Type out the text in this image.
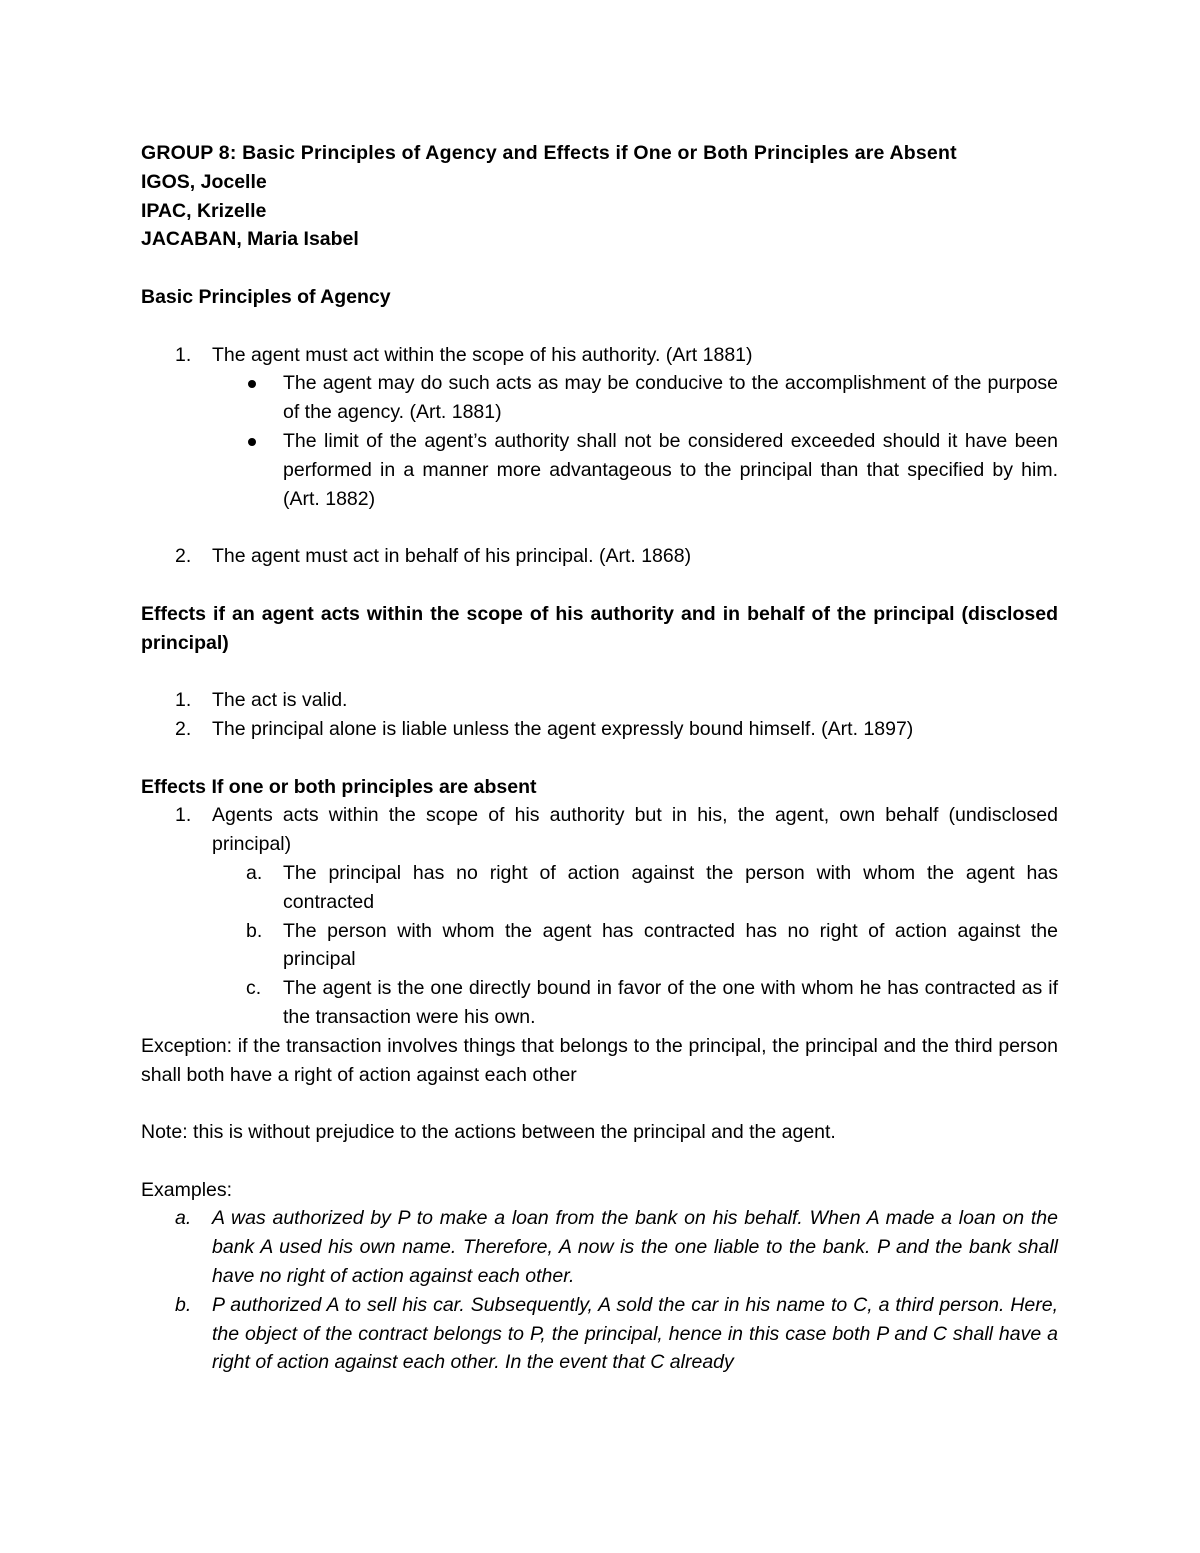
GROUP 8: Basic Principles of Agency and Effects if One or Both Principles are Absent

IGOS, Jocelle

IPAC, Krizelle

JACABAN, Maria Isabel

Basic Principles of Agency

1. The agent must act within the scope of his authority. (Art 1881)
The agent may do such acts as may be conducive to the accomplishment of the purpose of the agency. (Art. 1881)
The limit of the agent’s authority shall not be considered exceeded should it have been performed in a manner more advantageous to the principal than that specified by him. (Art. 1882)
2. The agent must act in behalf of his principal. (Art. 1868)

Effects if an agent acts within the scope of his authority and in behalf of the principal (disclosed principal)

1. The act is valid.
2. The principal alone is liable unless the agent expressly bound himself. (Art. 1897)

Effects If one or both principles are absent

1. Agents acts within the scope of his authority but in his, the agent, own behalf (undisclosed principal)
a. The principal has no right of action against the person with whom the agent has contracted
b. The person with whom the agent has contracted has no right of action against the principal
c. The agent is the one directly bound in favor of the one with whom he has contracted as if the transaction were his own.

Exception: if the transaction involves things that belongs to the principal, the principal and the third person shall both have a right of action against each other

Note: this is without prejudice to the actions between the principal and the agent.

Examples:

a. A was authorized by P to make a loan from the bank on his behalf. When A made a loan on the bank A used his own name. Therefore, A now is the one liable to the bank. P and the bank shall have no right of action against each other.
b. P authorized A to sell his car. Subsequently, A sold the car in his name to C, a third person. Here, the object of the contract belongs to P, the principal, hence in this case both P and C shall have a right of action against each other. In the event that C already
